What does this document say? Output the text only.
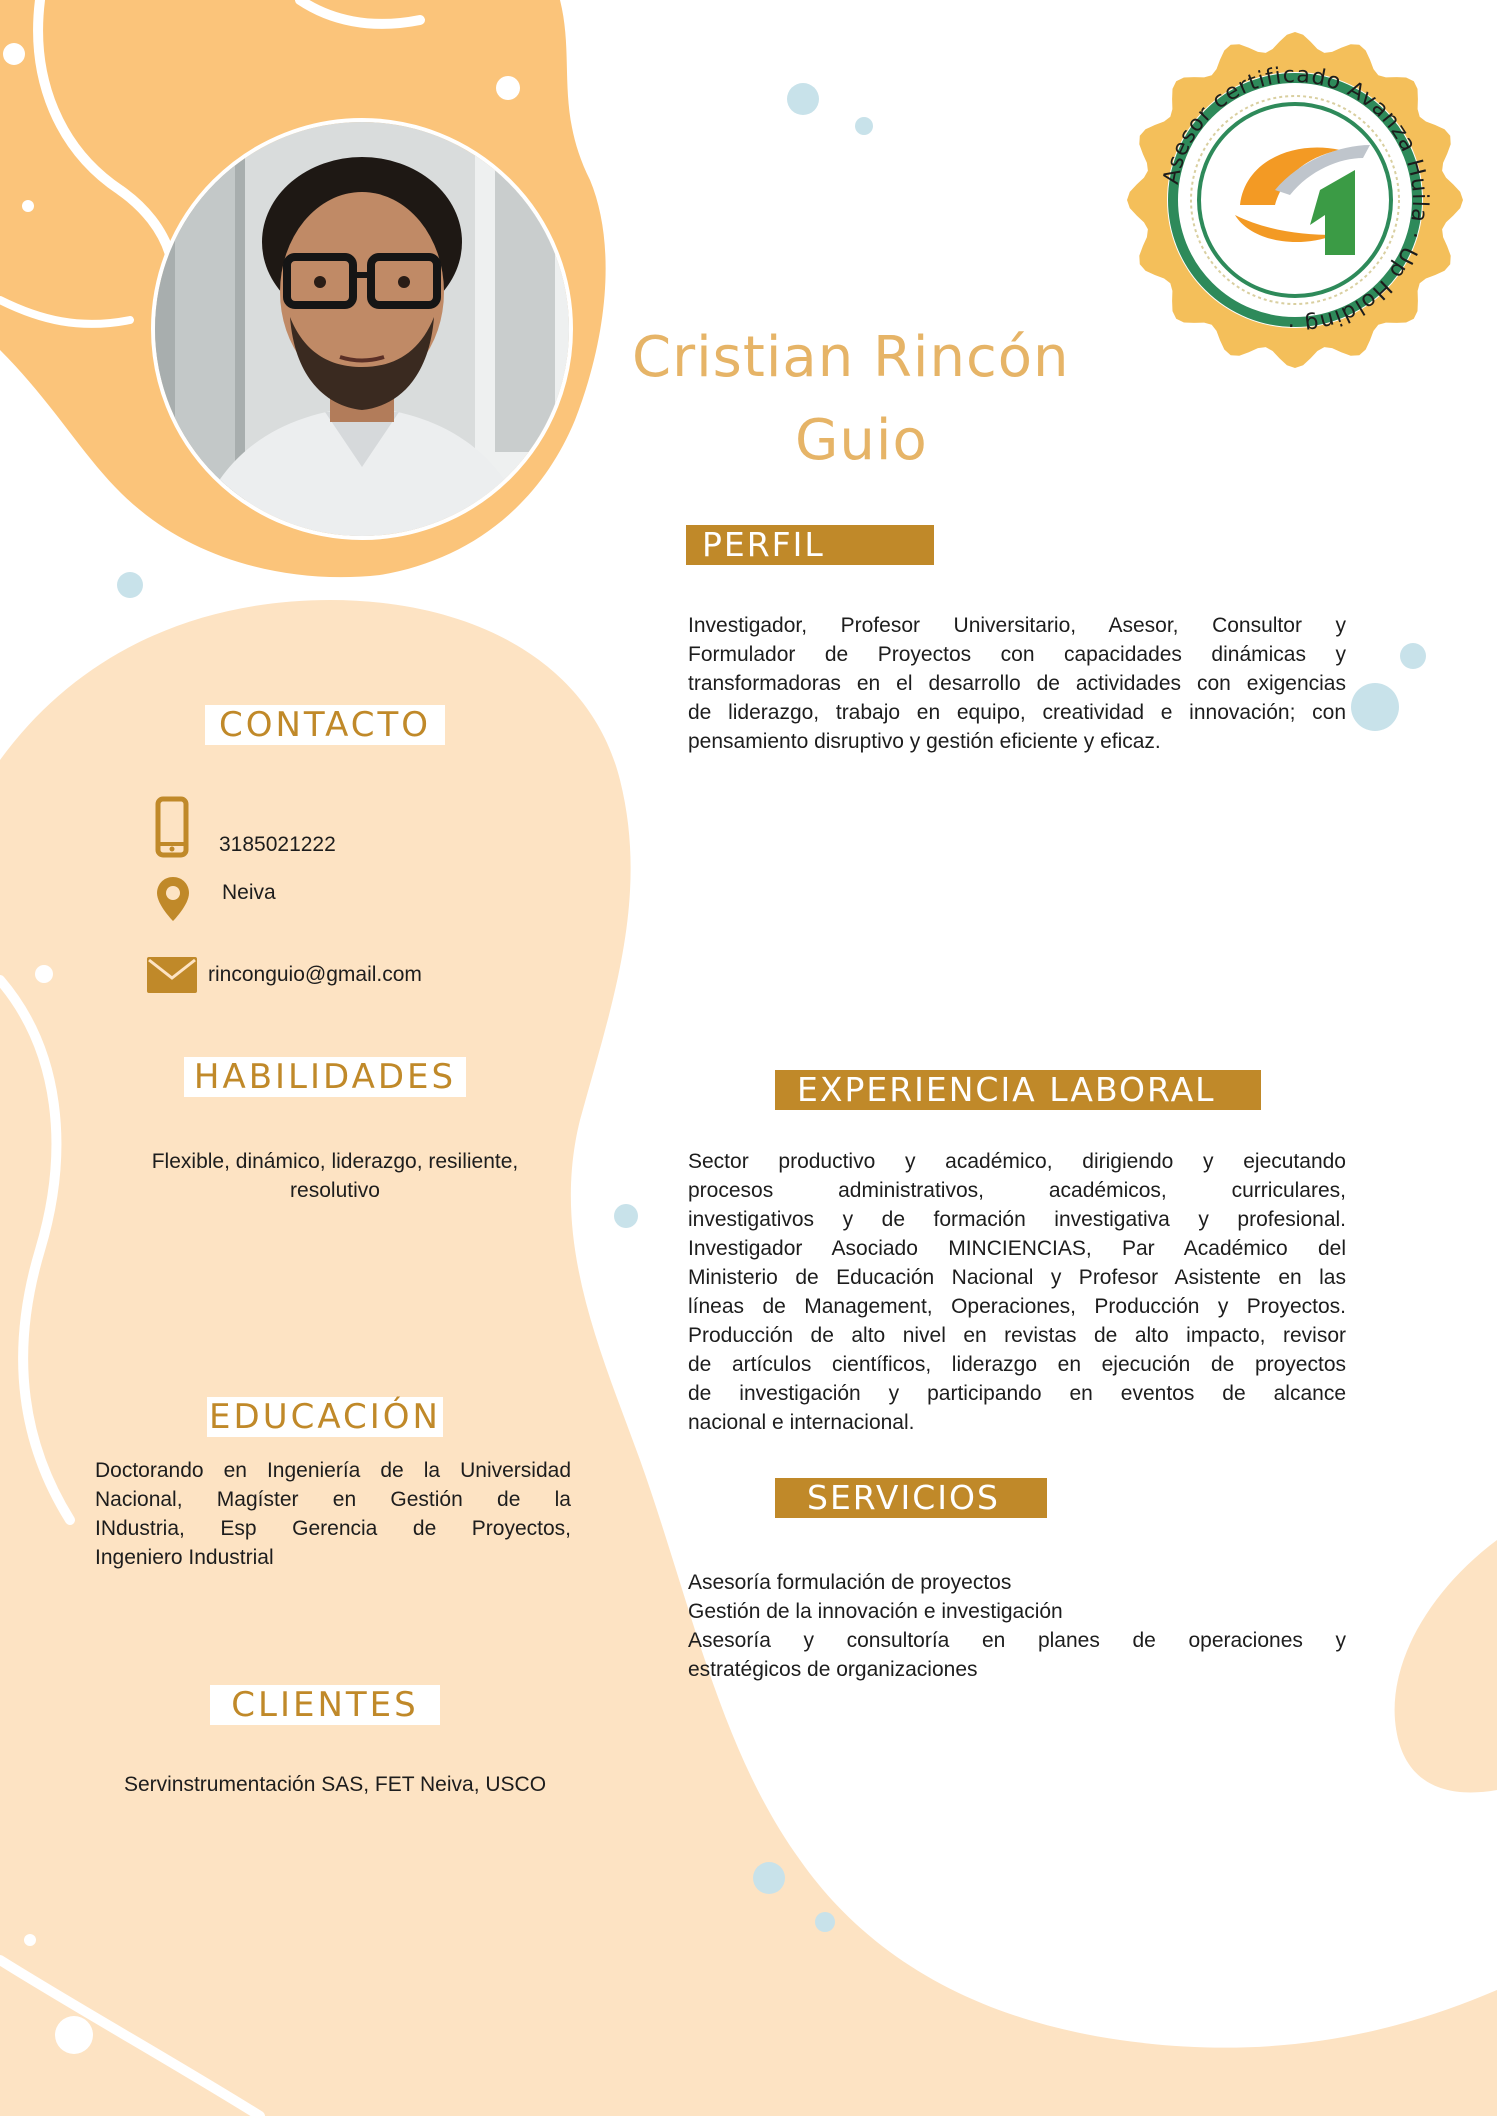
Asesor certificado Avanza Huila · Up Holding ·
Cristian Rincón
Guio
PERFIL
Investigador, Profesor Universitario, Asesor, Consultor y
Formulador de Proyectos con capacidades dinámicas y
transformadoras en el desarrollo de actividades con exigencias
de liderazgo, trabajo en equipo, creatividad e innovación; con
pensamiento disruptivo y gestión eficiente y eficaz.
CONTACTO
3185021222
Neiva
rinconguio@gmail.com
HABILIDADES
Flexible, dinámico, liderazgo, resiliente,
resolutivo
EXPERIENCIA LABORAL
Sector productivo y académico, dirigiendo y ejecutando
procesos administrativos, académicos, curriculares,
investigativos y de formación investigativa y profesional.
Investigador Asociado MINCIENCIAS, Par Académico del
Ministerio de Educación Nacional y Profesor Asistente en las
líneas de Management, Operaciones, Producción y Proyectos.
Producción de alto nivel en revistas de alto impacto, revisor
de artículos científicos, liderazgo en ejecución de proyectos
de investigación y participando en eventos de alcance
nacional e internacional.
EDUCACIÓN
Doctorando en Ingeniería de la Universidad
Nacional, Magíster en Gestión de la
INdustria, Esp Gerencia de Proyectos,
Ingeniero Industrial
SERVICIOS
Asesoría formulación de proyectos
Gestión de la innovación e investigación
Asesoría y consultoría en planes de operaciones y
estratégicos de organizaciones
CLIENTES
Servinstrumentación SAS, FET Neiva, USCO
